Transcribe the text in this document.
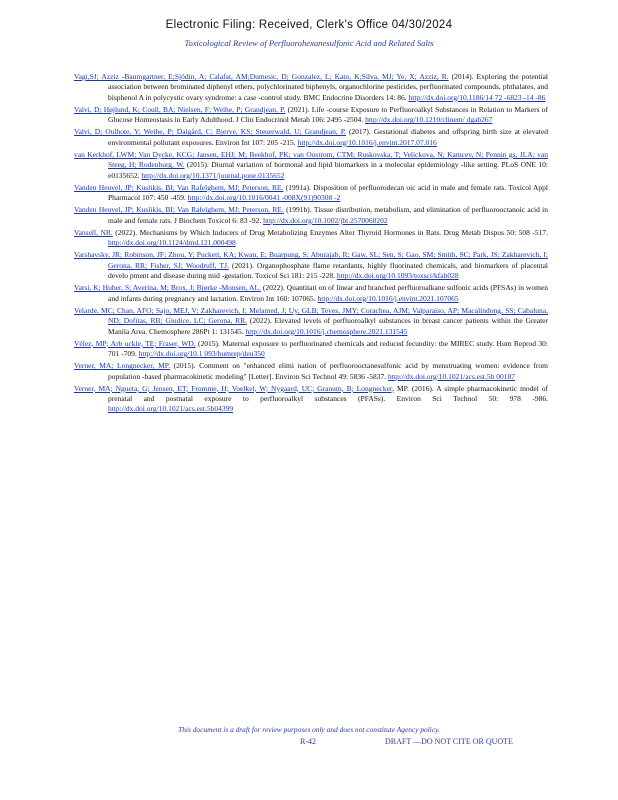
Electronic Filing: Received, Clerk's Office 04/30/2024
Toxicological Review of Perfluorohexanesulfonic Acid and Related Salts

Vagi,SJ; Azziz -Baumgartner, E;Sjödin, A; Calafat, AM;Dumesic, D; Gonzalez, L; Kato, K;Silva, MJ; Ye, X; Azziz, R. (2014). Exploring the potential association between brominated diphenyl ethers, polychlorinated biphenyls, organochlorine pesticides, perfluorinated compounds, phthalates, and bisphenol A in polycystic ovary syndrome: a case -control study. BMC Endocrine Disorders 14: 86. http://dx.doi.org/10.1186/14 72 -6823 -14 -86

Valvi, D; Højlund, K; Coull, BA; Nielsen, F; Weihe, P; Grandjean, P. (2021). Life -course Exposure to Perfluoroalkyl Substances in Relation to Markers of Glucose Homeostasis in Early Adulthood. J Clin Endocrinol Metab 106: 2495 -2504. http://dx.doi.org/10.1210/clinem/ dgab267

Valvi, D; Oulhote, Y; Weihe, P; Dalgård, C; Bjerve, KS; Steuerwald, U; Grandjean, P. (2017). Gestational diabetes and offspring birth size at elevated environmental pollutant exposures. Environ Int 107: 205 -215. http://dx.doi.org/10.1016/j.envint.2017.07.016

van Kerkhof, LWM; Van Dycke, KCG; Jansen, EHJ; M; Beekhof, PK; van Oostrom, CTM; Ruskovska, T; Velickova, N; Kamcev, N; Pennin gs, JLA; van Steeg, H; Rodenburg, W. (2015). Diurnal variation of hormonal and lipid biomarkers in a molecular epidemiology -like setting. PLoS ONE 10: e0135652. http://dx.doi.org/10.1371/journal.pone.0135652

Vanden Heuvel, JP; Kuslikis, BI; Van Rafelghem, MJ; Peterson, RE. (1991a). Disposition of perfluorodecan oic acid in male and female rats. Toxicol Appl Pharmacol 107: 450 -459. http://dx.doi.org/10.1016/0041 -008X(91)90308 -2

Vanden Heuvel, JP; Kuslikis, BI; Van Rafelghem, MJ; Peterson, RE. (1991b). Tissue distribution, metabolism, and elimination of perfluorooctanoic acid in male and female rats. J Biochem Toxicol 6: 83 -92. http://dx.doi.org/10.1002/jbt.2570060202

Vansell, NR. (2022). Mechanisms by Which Inducers of Drug Metabolizing Enzymes Alter Thyroid Hormones in Rats. Drug Metab Dispos 50: 508 -517. http://dx.doi.org/10.1124/dmd.121.000498

Varshavsky, JR; Robinson, JF; Zhou, Y; Puckett, KA; Kwan, E; Buarpung, S; Aburajab, R; Gaw, SL; Sen, S; Gao, SM; Smith, SC; Park, JS; Zakharevich, I; Gerona, RR; Fisher, SJ; Woodruff, TJ. (2021). Organophosphate flame retardants, highly fluorinated chemicals, and biomarkers of placental develo pment and disease during mid -gestation. Toxicol Sci 181: 215 -228. http://dx.doi.org/10.1093/toxsci/kfab028

Varsi, K; Huber, S; Averina, M; Brox, J; Bjørke -Monsen, AL. (2022). Quantitati on of linear and branched perfluoroalkane sulfonic acids (PFSAs) in women and infants during pregnancy and lactation. Environ Int 160: 107065. http://dx.doi.org/10.1016/j.envint.2021.107065

Velarde, MC; Chan, AFO; Sajo, MEJ, V; Zakharevich, I; Melamed, J; Uy, GLB; Teves, JMY; Corachea, AJM; Valparaiso, AP; Macalindong, SS; Cabaluna, ND; Dofitas, RB; Giudice, LC; Gerona, RR. (2022). Elevated levels of perfluoroalkyl substances in breast cancer patients within the Greater Manila Area. Chemosphere 286Pt 1: 131545. http://dx.doi.org/10.1016/j.chemosphere.2021.131545

Vélez, MP; Arb uckle, TE; Fraser, WD. (2015). Maternal exposure to perfluorinated chemicals and reduced fecundity: the MIREC study. Hum Reprod 30: 701 -709. http://dx.doi.org/10.1 093/humrep/deu350

Verner, MA; Longnecker, MP. (2015). Comment on "enhanced elimi nation of perfluorooctanesulfonic acid by menstruating women: evidence from population -based pharmacokinetic modeling" [Letter]. Environ Sci Technol 49: 5836 -5837. http://dx.doi.org/10.1021/acs.est.5b 00187

Verner, MA; Ngueta, G; Jensen, ET; Fromme, H; Voelkel, W; Nygaard, UC; Granum, B; Longnecker, MP. (2016). A simple pharmacokinetic model of prenatal and postnatal exposure to perfluoroalkyl substances (PFASs). Environ Sci Technol 50: 978 -986. http://dx.doi.org/10.1021/acs.est.5b04399

This document is a draft for review purposes only and does not constitute Agency policy.
R-42	DRAFT —DO NOT CITE OR QUOTE
